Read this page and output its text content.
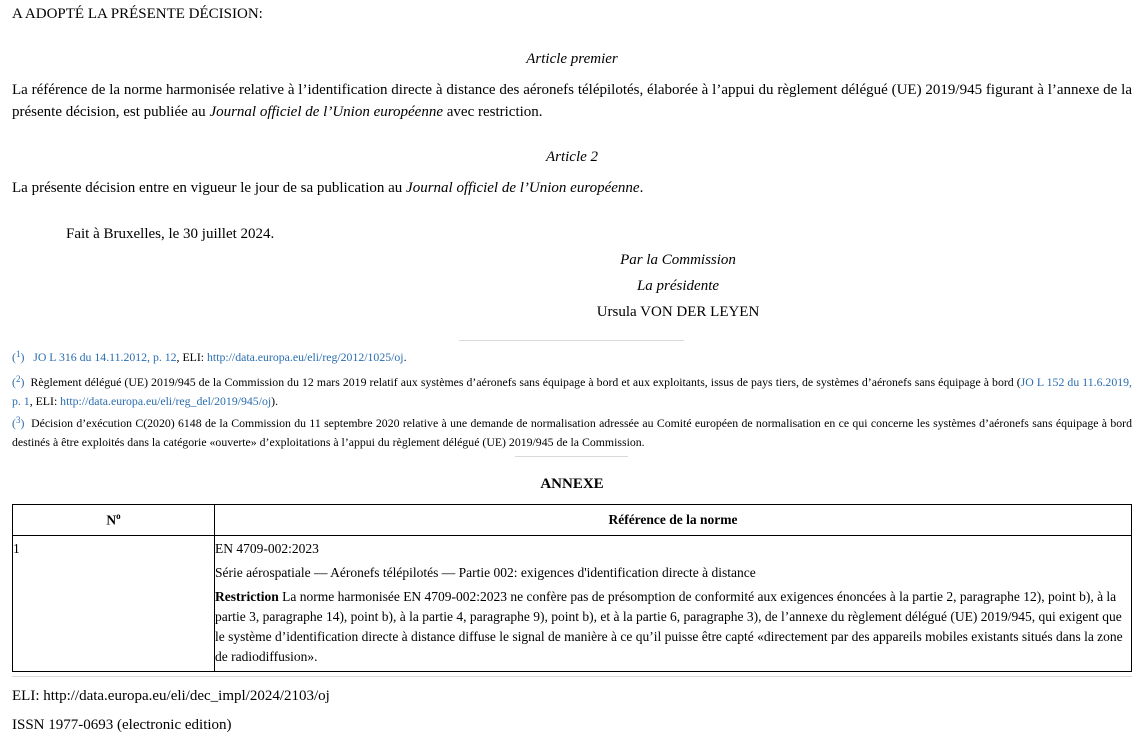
A ADOPTÉ LA PRÉSENTE DÉCISION:
Article premier
La référence de la norme harmonisée relative à l’identification directe à distance des aéronefs télépilotés, élaborée à l’appui du règlement délégué (UE) 2019/945 figurant à l’annexe de la présente décision, est publiée au Journal officiel de l’Union européenne avec restriction.
Article 2
La présente décision entre en vigueur le jour de sa publication au Journal officiel de l’Union européenne.
Fait à Bruxelles, le 30 juillet 2024.
Par la Commission
La présidente
Ursula VON DER LEYEN
($^1$) JO L 316 du 14.11.2012, p. 12, ELI: http://data.europa.eu/eli/reg/2012/1025/oj.
($^2$) Règlement délégué (UE) 2019/945 de la Commission du 12 mars 2019 relatif aux systèmes d’aéronefs sans équipage à bord et aux exploitants, issus de pays tiers, de systèmes d’aéronefs sans équipage à bord (JO L 152 du 11.6.2019, p. 1, ELI: http://data.europa.eu/eli/reg_del/2019/945/oj).
($^3$) Décision d’exécution C(2020) 6148 de la Commission du 11 septembre 2020 relative à une demande de normalisation adressée au Comité européen de normalisation en ce qui concerne les systèmes d’aéronefs sans équipage à bord destinés à être exploités dans la catégorie «ouverte» d’exploitations à l’appui du règlement délégué (UE) 2019/945 de la Commission.
ANNEXE
$N^o$	Référence de la norme

1	EN 4709-002:2023
Série aérospatiale — Aéronefs télépilotés — Partie 002: exigences d'identification directe à distance
Restriction La norme harmonisée EN 4709-002:2023 ne confère pas de présomption de conformité aux exigences énoncées à la partie 2, paragraphe 12), point b), à la partie 3, paragraphe 14), point b), à la partie 4, paragraphe 9), point b), et à la partie 6, paragraphe 3), de l’annexe du règlement délégué (UE) 2019/945, qui exigent que le système d’identification directe à distance diffuse le signal de manière à ce qu’il puisse être capté «directement par des appareils mobiles existants situés dans la zone de radiodiffusion».
ELI: http://data.europa.eu/eli/dec_impl/2024/2103/oj
ISSN 1977-0693 (electronic edition)
